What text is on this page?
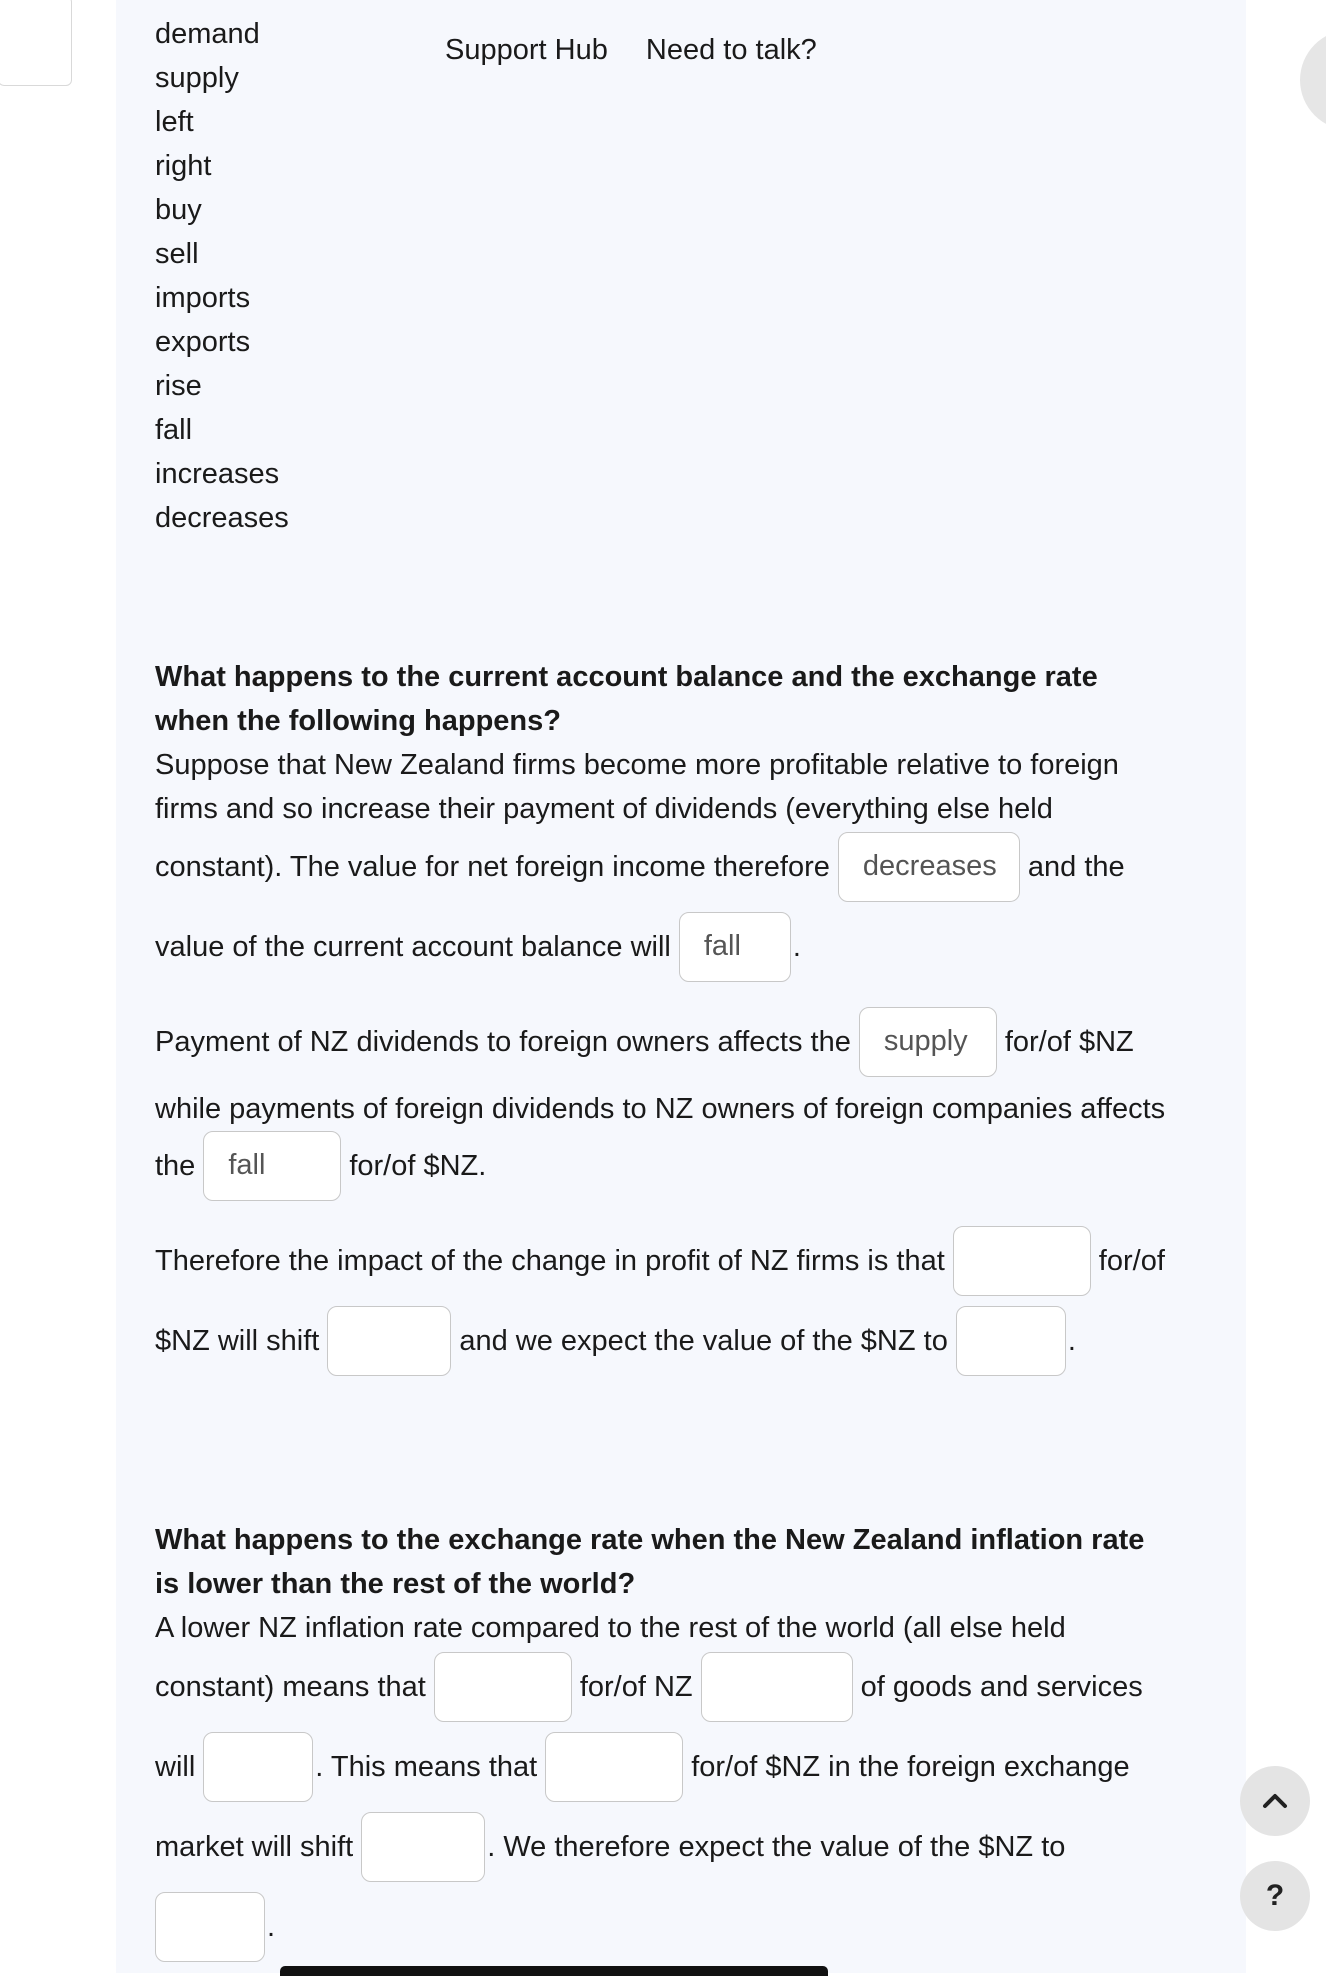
Support Hub Need to talk?
demand
supply
left
right
buy
sell
imports
exports
rise
fall
increases
decreases
What happens to the current account balance and the exchange rate
when the following happens?
Suppose that New Zealand firms become more profitable relative to foreign
firms and so increase their payment of dividends (everything else held
constant). The value for net foreign income therefore	decreases	and the
value of the current account balance will	fall	.
Payment of NZ dividends to foreign owners affects the	supply	for/of $NZ
while payments of foreign dividends to NZ owners of foreign companies affects
the	fall	for/of $NZ.
Therefore the impact of the change in profit of NZ firms is that	for/of
$NZ will shift	and we expect the value of the $NZ to	.
What happens to the exchange rate when the New Zealand inflation rate
is lower than the rest of the world?
A lower NZ inflation rate compared to the rest of the world (all else held
constant) means that	for/of NZ	of goods and services
will	. This means that	for/of $NZ in the foreign exchange
market will shift	. We therefore expect the value of the $NZ to
.
?
